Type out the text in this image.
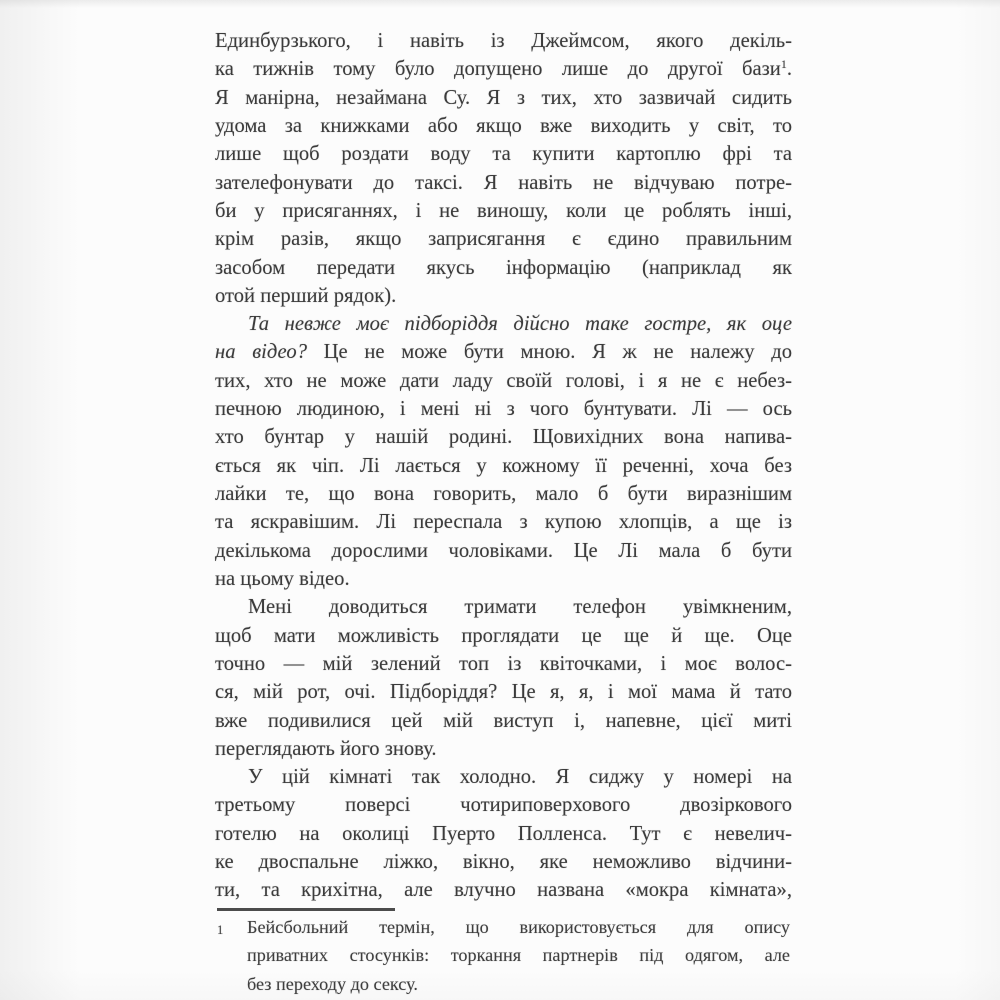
Единбурзького, і навіть із Джеймсом, якого декіль-
ка тижнів тому було допущено лише до другої бази$^1$.
Я манірна, незаймана Су. Я з тих, хто зазвичай сидить
удома за книжками або якщо вже виходить у світ, то
лише щоб роздати воду та купити картоплю фрі та
зателефонувати до таксі. Я навіть не відчуваю потре-
би у присяганнях, і не виношу, коли це роблять інші,
крім разів, якщо заприсягання є єдино правильним
засобом передати якусь інформацію (наприклад як
отой перший рядок).
Та невже моє підборіддя дійсно таке гостре, як оце
на відео? Це не може бути мною. Я ж не належу до
тих, хто не може дати ладу своїй голові, і я не є небез-
печною людиною, і мені ні з чого бунтувати. Лі — ось
хто бунтар у нашій родині. Щовихідних вона напива-
ється як чіп. Лі лається у кожному її реченні, хоча без
лайки те, що вона говорить, мало б бути виразнішим
та яскравішим. Лі переспала з купою хлопців, а ще із
декількома дорослими чоловіками. Це Лі мала б бути
на цьому відео.
Мені доводиться тримати телефон увімкненим,
щоб мати можливість проглядати це ще й ще. Оце
точно — мій зелений топ із квіточками, і моє волос-
ся, мій рот, очі. Підборіддя? Це я, я, і мої мама й тато
вже подивилися цей мій виступ і, напевне, цієї миті
переглядають його знову.
У цій кімнаті так холодно. Я сиджу у номері на
третьому поверсі чотириповерхового двозіркового
готелю на околиці Пуерто Полленса. Тут є невелич-
ке двоспальне ліжко, вікно, яке неможливо відчини-
ти, та крихітна, але влучно названа «мокра кімната»,
1	Бейсбольний термін, що використовується для опису
приватних стосунків: торкання партнерів під одягом, але
без переходу до сексу.
